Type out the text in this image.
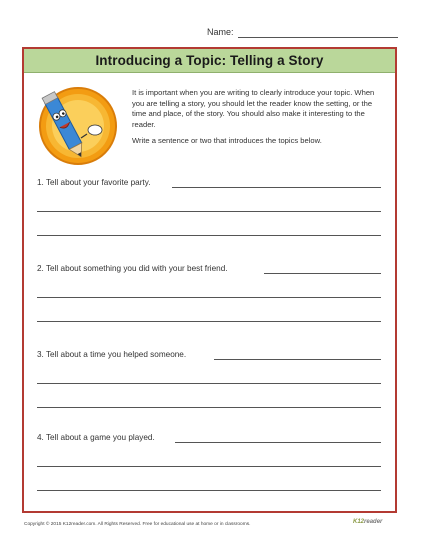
Name:
Introducing a Topic: Telling a Story

It is important when you are writing to clearly introduce your topic. When you are telling a story, you should let the reader know the setting, or the time and place, of the story. You should also make it interesting to the reader.

Write a sentence or two that introduces the topics below.

1. Tell about your favorite party.
2. Tell about something you did with your best friend.
3. Tell about a time you helped someone.
4. Tell about a game you played.
Copyright © 2015 K12reader.com. All Rights Reserved. Free for educational use at home or in classrooms.	K12reader
